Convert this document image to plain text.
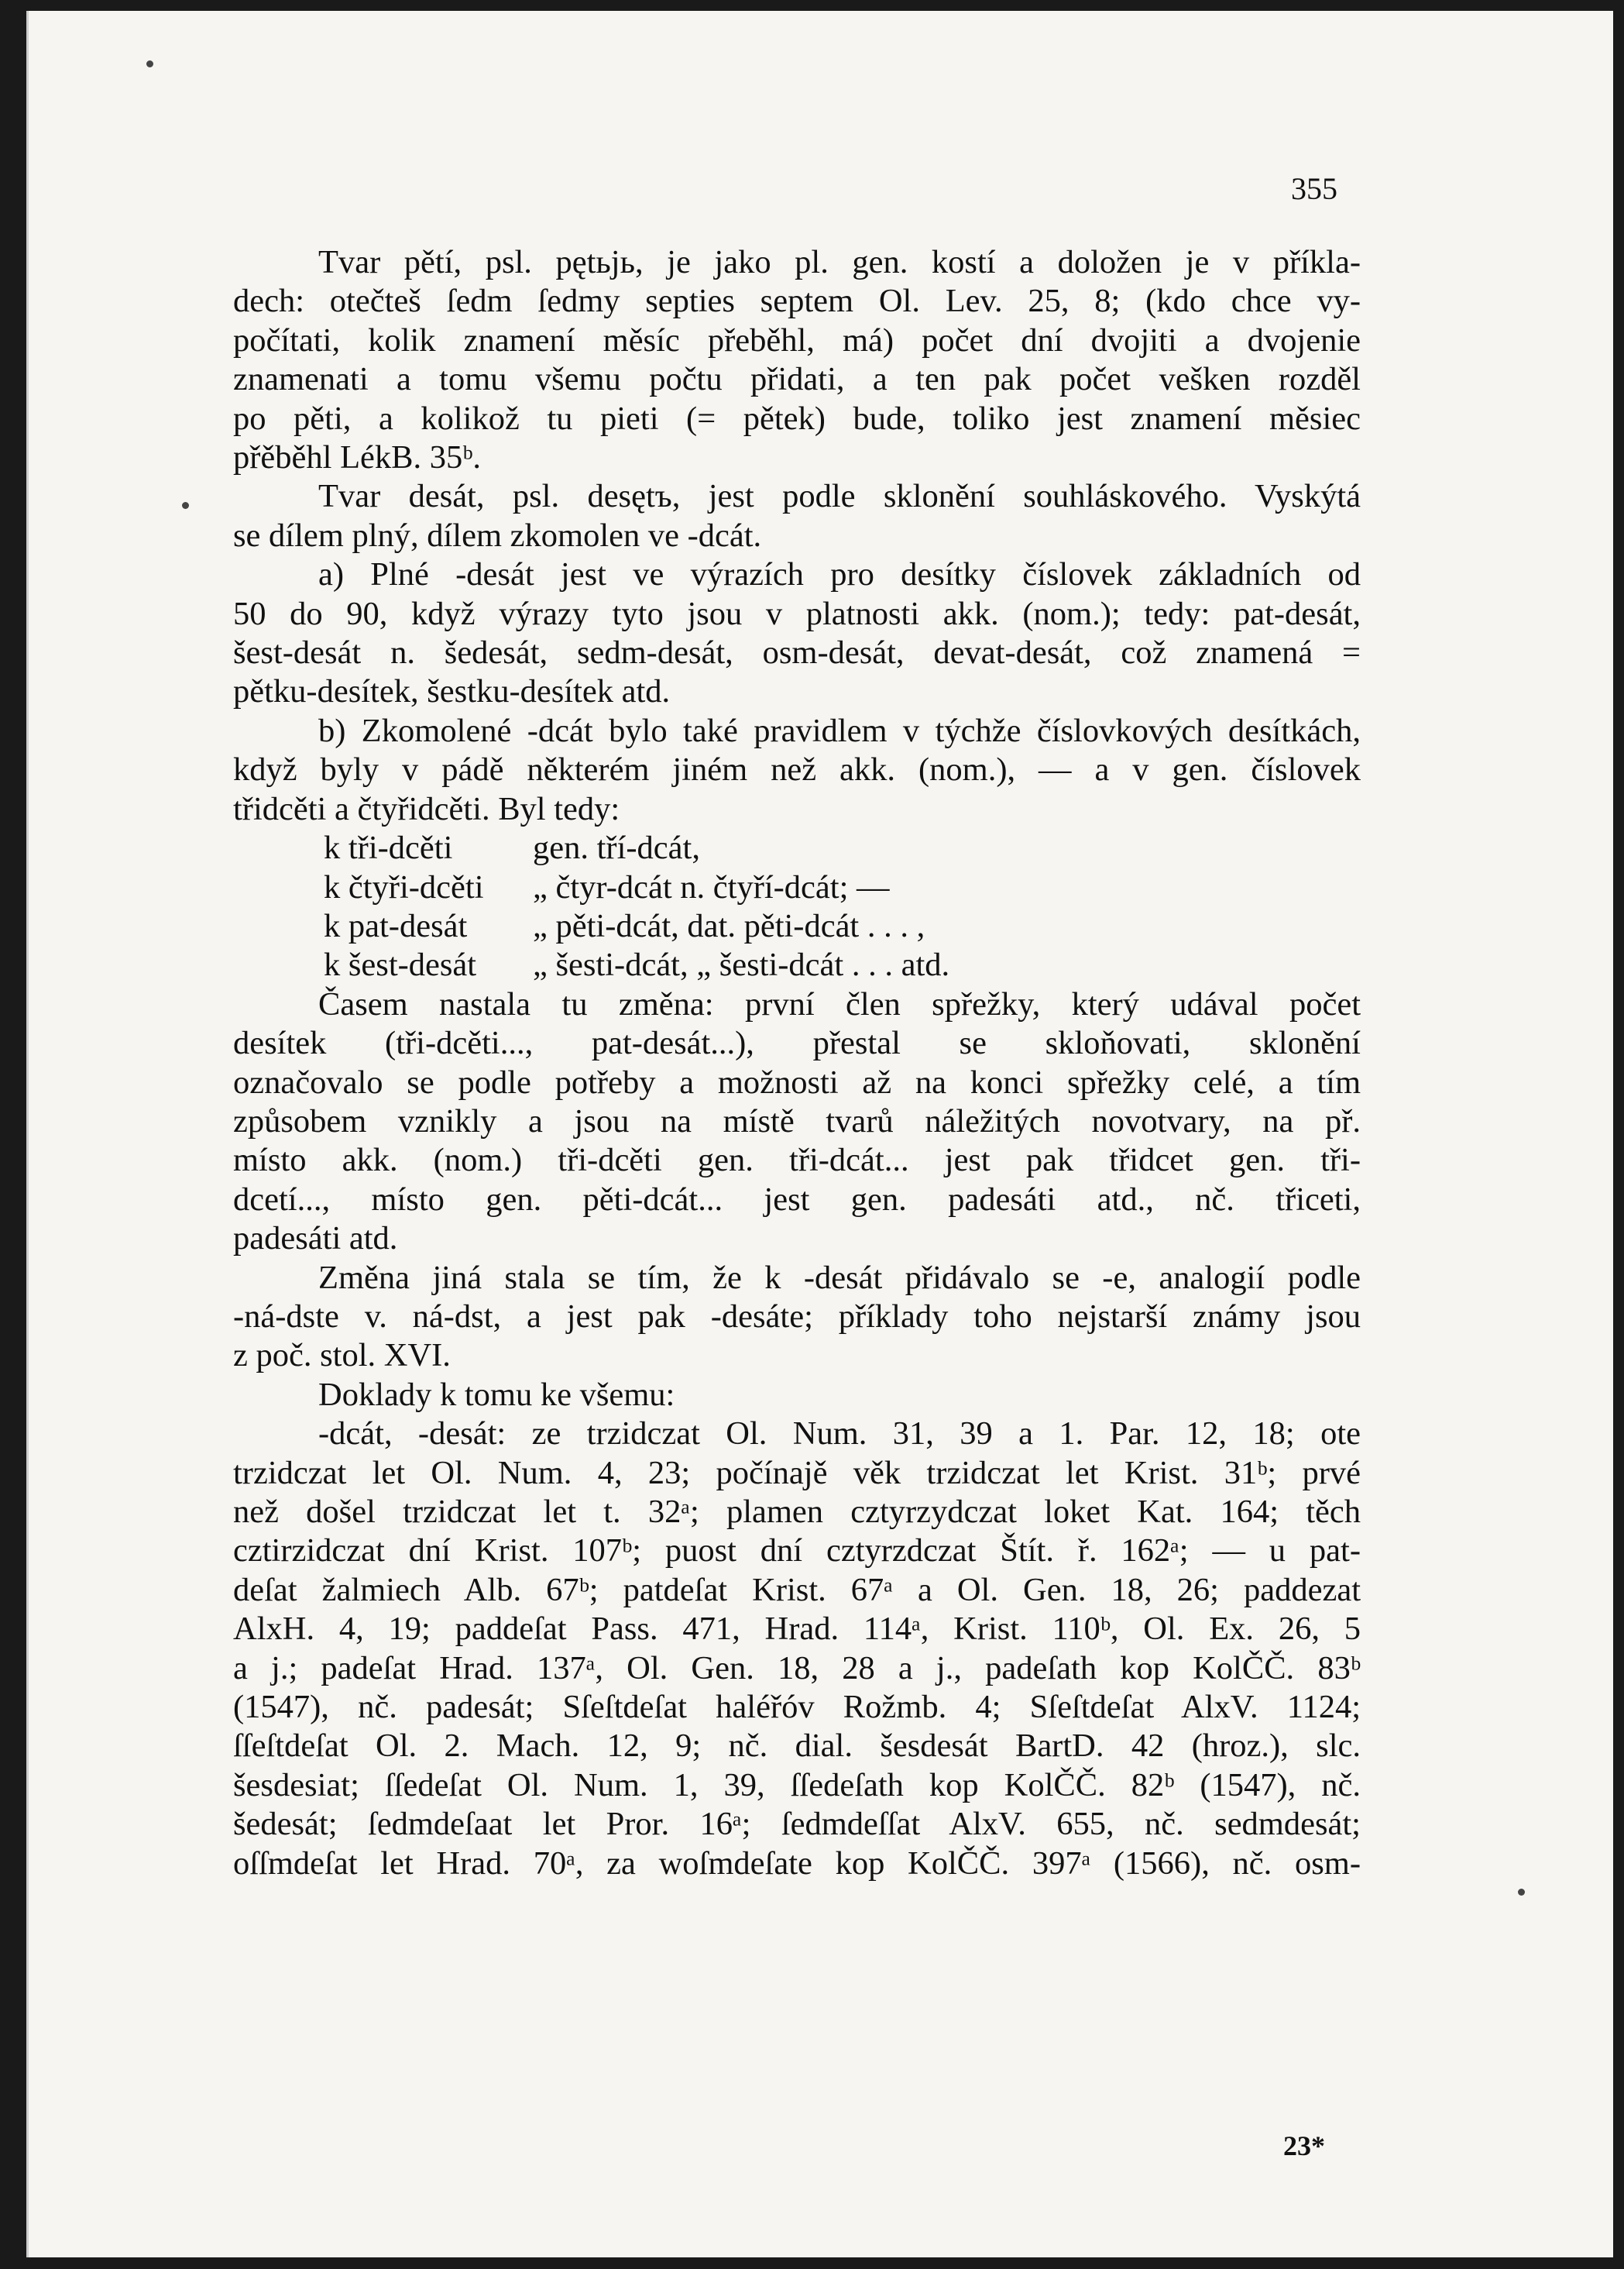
355

Tvar pětí, psl. pętьjь, je jako pl. gen. kostí a doložen je v příkla-
dech: otečteš ſedm ſedmy septies septem Ol. Lev. 25, 8; (kdo chce vy-
počítati, kolik znamení měsíc přeběhl, má) počet dní dvojiti a dvojenie
znamenati a tomu všemu počtu přidati, a ten pak počet vešken rozděl
po pěti, a kolikož tu pieti (= pětek) bude, toliko jest znamení měsiec
přěběhl LékB. 35ᵇ.

Tvar desát, psl. desętъ, jest podle sklonění souhláskového. Vyskýtá
se dílem plný, dílem zkomolen ve -dcát.

a) Plné -desát jest ve výrazích pro desítky číslovek základních od
50 do 90, když výrazy tyto jsou v platnosti akk. (nom.); tedy: pat-desát,
šest-desát n. šedesát, sedm-desát, osm-desát, devat-desát, což znamená =
pětku-desítek, šestku-desítek atd.

b) Zkomolené -dcát bylo také pravidlem v týchže číslovkových desítkách,
když byly v pádě některém jiném než akk. (nom.), — a v gen. číslovek
třidcěti a čtyřidcěti. Byl tedy:

k tři-dcěti	gen. tří-dcát,
k čtyři-dcěti	„ čtyr-dcát n. čtyří-dcát; —
k pat-desát	„ pěti-dcát, dat. pěti-dcát . . . ,
k šest-desát	„ šesti-dcát, „ šesti-dcát . . . atd.

Časem nastala tu změna: první člen spřežky, který udával počet
desítek (tři-dcěti..., pat-desát...), přestal se skloňovati, sklonění
označovalo se podle potřeby a možnosti až na konci spřežky celé, a tím
způsobem vznikly a jsou na místě tvarů náležitých novotvary, na př.
místo akk. (nom.) tři-dcěti gen. tři-dcát... jest pak třidcet gen. tři-
dcetí..., místo gen. pěti-dcát... jest gen. padesáti atd., nč. třiceti,
padesáti atd.

Změna jiná stala se tím, že k -desát přidávalo se -e, analogií podle
-ná-dste v. ná-dst, a jest pak -desáte; příklady toho nejstarší známy jsou
z poč. stol. XVI.

Doklady k tomu ke všemu:

-dcát, -desát: ze trzidczat Ol. Num. 31, 39 a 1. Par. 12, 18; ote
trzidczat let Ol. Num. 4, 23; počínajě věk trzidczat let Krist. 31ᵇ; prvé
než došel trzidczat let t. 32ᵃ; plamen cztyrzydczat loket Kat. 164; těch
cztirzidczat dní Krist. 107ᵇ; puost dní cztyrzdczat Štít. ř. 162ᵃ; — u pat-
deſat žalmiech Alb. 67ᵇ; patdeſat Krist. 67ᵃ a Ol. Gen. 18, 26; paddezat
AlxH. 4, 19; paddeſat Pass. 471, Hrad. 114ᵃ, Krist. 110ᵇ, Ol. Ex. 26, 5
a j.; padeſat Hrad. 137ᵃ, Ol. Gen. 18, 28 a j., padeſath kop KolČČ. 83ᵇ
(1547), nč. padesát; Sſeſtdeſat haléřóv Rožmb. 4; Sſeſtdeſat AlxV. 1124;
ſſeſtdeſat Ol. 2. Mach. 12, 9; nč. dial. šesdesát BartD. 42 (hroz.), slc.
šesdesiat; ſſedeſat Ol. Num. 1, 39, ſſedeſath kop KolČČ. 82ᵇ (1547), nč.
šedesát; ſedmdeſaat let Pror. 16ᵃ; ſedmdeſſat AlxV. 655, nč. sedmdesát;
oſſmdeſat let Hrad. 70ᵃ, za woſmdeſate kop KolČČ. 397ᵃ (1566), nč. osm-

23*
